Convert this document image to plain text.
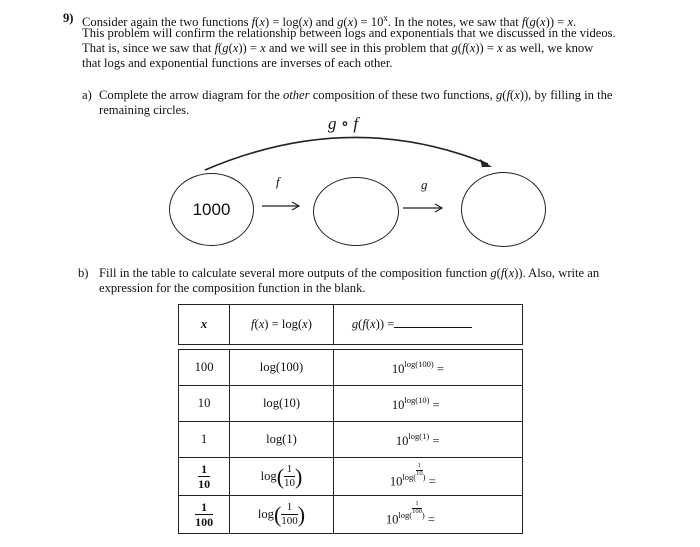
9) Consider again the two functions f(x) = log(x) and $g(x) = 10^x$. In the notes, we saw that f(g(x)) = x.
This problem will confirm the relationship between logs and exponentials that we discussed in the videos.
That is, since we saw that f(g(x)) = x and we will see in this problem that g(f(x)) = x as well, we know
that logs and exponential functions are inverses of each other.
a) Complete the arrow diagram for the other composition of these two functions, g(f(x)), by filling in the
remaining circles.
g ∘ f
f	g
1000
b) Fill in the table to calculate several more outputs of the composition function g(f(x)). Also, write an
expression for the composition function in the blank.
x	f(x) = log(x)	g(f(x)) =

100	log(100)	$10^{log(100)}$ =
10	log(10)	$10^{log(10)}$ =
1	log(1)	$10^{log(1)}$ =

$\frac{1}{10}$	$\log( \frac{1}{10}$ )	$10^{log( \frac{1}{10} )}$ =

$\frac{1}{100}$	$\log( \frac{1}{100}$ )	$10^{log( \frac{1}{100} )}$ =
